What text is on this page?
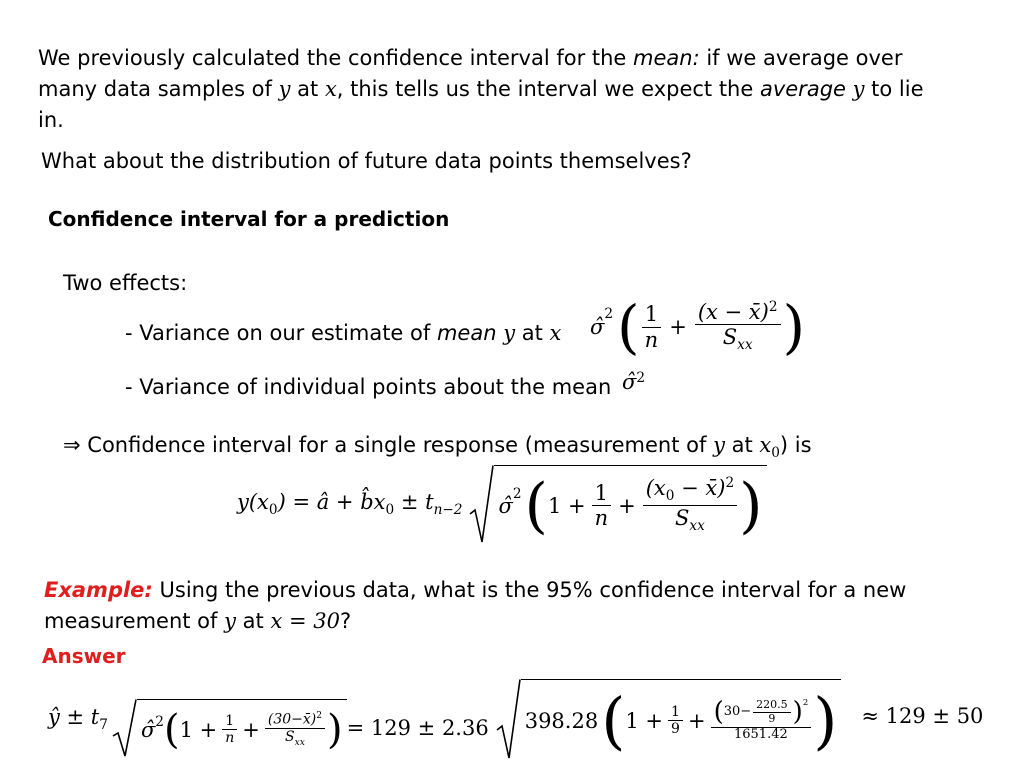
We previously calculated the confidence interval for the mean: if we average over
many data samples of y at x, this tells us the interval we expect the average y to lie
in.
What about the distribution of future data points themselves?
Confidence interval for a prediction
Two effects:
- Variance on our estimate of mean y at x σ̂
$^2$ ( $\frac{1}{n} + \frac{(x - x̄)^2}{S_{xx}}$ )
- Variance of individual points about the mean σ̂ 2
⇒ Confidence interval for a single response (measurement of y at $x_0$) is
$y(x_0)$ = â + $b̂x_0 \pm t_{n-2}$ σ̂$^2$ ( $1 + \frac{1}{n} + \frac{(x_0 - x̄)^2}{S_{xx}}$ )
Example: Using the previous data, what is the 95% confidence interval for a new
measurement of y at x = 30?
Answer
ŷ ± $t_7$ σ̂$^2$ ( $1 + \frac{1}{n} + \frac{(30-x̄)^2}{S_{xx}}$ ) = 129 ± 2.36 398.28 ( $1 + \frac{1}{9} + \frac{( 30- \frac{220.5}{9} )^2}{1651.42}$ ) ≈ 129 ± 50
